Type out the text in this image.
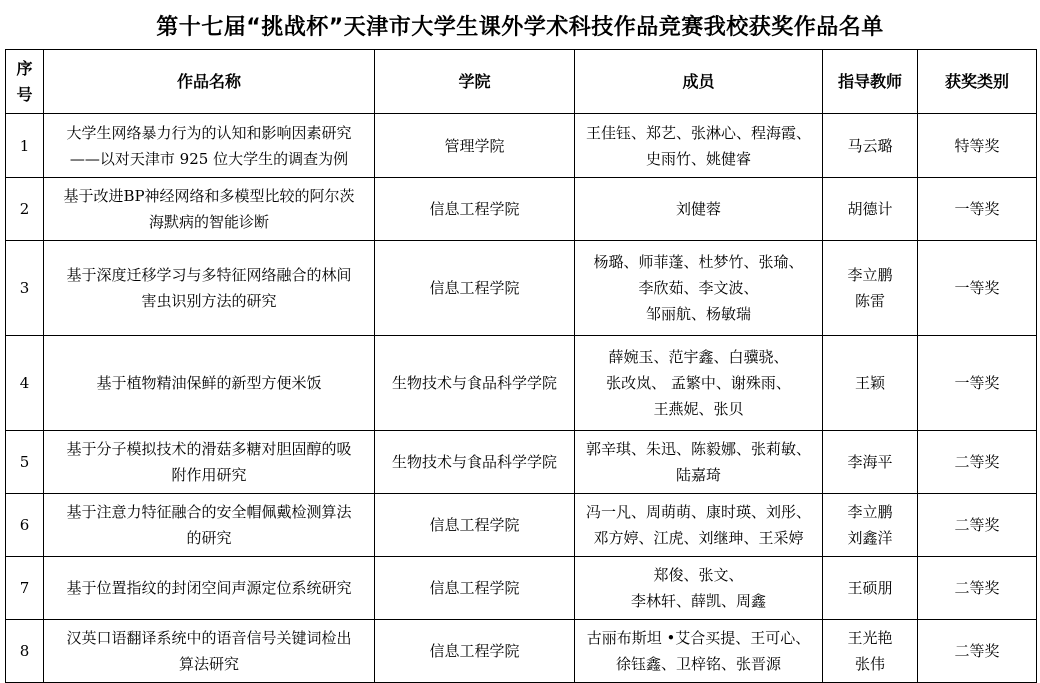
第十七届“挑战杯”天津市大学生课外学术科技作品竞赛我校获奖作品名单
序
号	作品名称	学院	成员	指导教师	获奖类别
1	大学生网络暴力行为的认知和影响因素研究
——以对天津市 925 位大学生的调查为例	管理学院	王佳钰、郑艺、张淋心、程海霞、
史雨竹、姚健睿	马云璐	特等奖
2	基于改进BP神经网络和多模型比较的阿尔茨
海默病的智能诊断	信息工程学院	刘健蓉	胡德计	一等奖
3	基于深度迁移学习与多特征网络融合的林间
害虫识别方法的研究	信息工程学院	杨璐、师菲蓬、杜梦竹、张瑜、
李欣茹、李文波、
邹丽航、杨敏瑞	李立鹏
陈雷	一等奖
4	基于植物精油保鲜的新型方便米饭	生物技术与食品科学学院	薛婉玉、范宇鑫、白骥骁、
张改岚、 孟繁中、谢殊雨、
王燕妮、张贝	王颖	一等奖
5	基于分子模拟技术的滑菇多糖对胆固醇的吸
附作用研究	生物技术与食品科学学院	郭辛琪、朱迅、陈毅娜、张莉敏、
陆嘉琦	李海平	二等奖
6	基于注意力特征融合的安全帽佩戴检测算法
的研究	信息工程学院	冯一凡、周萌萌、康时瑛、刘彤、
邓方婷、江虎、刘继珅、王采婷	李立鹏
刘鑫洋	二等奖
7	基于位置指纹的封闭空间声源定位系统研究	信息工程学院	郑俊、张文、
李林轩、薛凯、周鑫	王硕朋	二等奖
8	汉英口语翻译系统中的语音信号关键词检出
算法研究	信息工程学院	古丽布斯坦 •艾合买提、王可心、
徐钰鑫、卫梓铭、张晋源	王光艳
张伟	二等奖
